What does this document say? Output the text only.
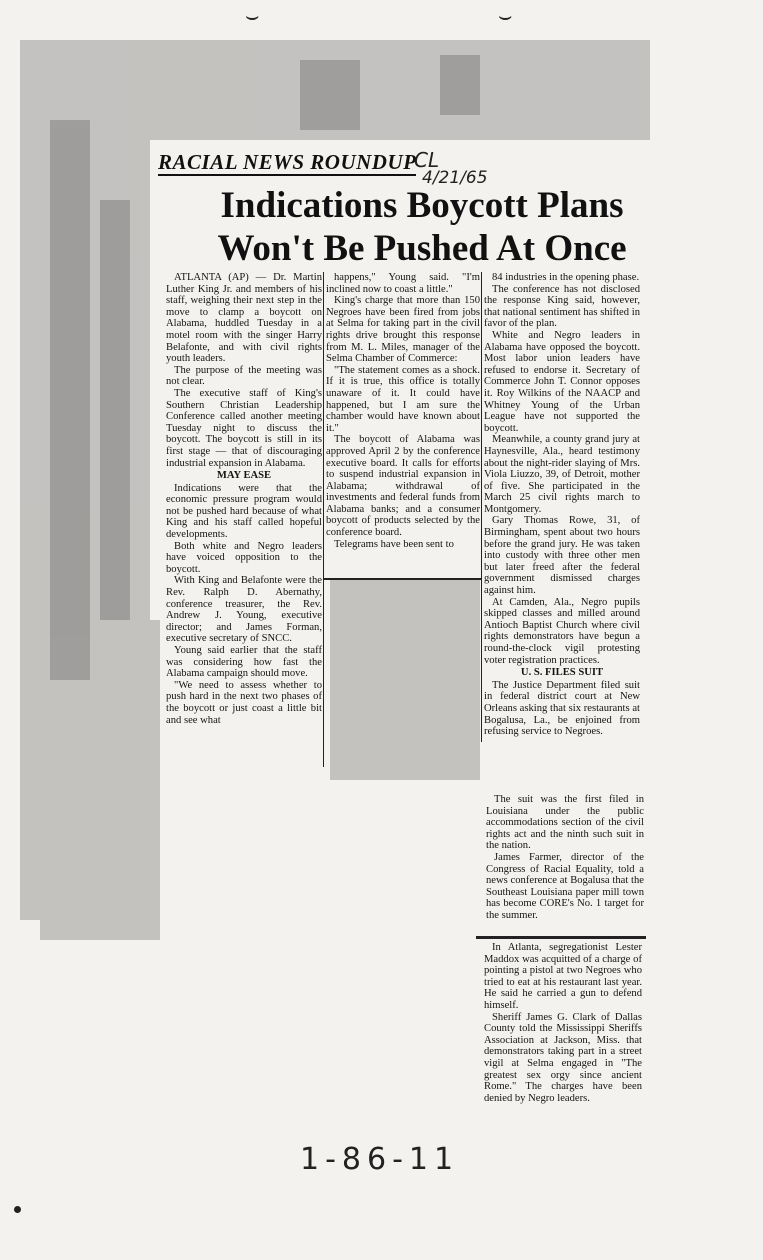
⌣	⌣
RACIAL NEWS ROUNDUP
CL
4/21/65
Indications Boycott Plans
Won't Be Pushed At Once

ATLANTA (AP) — Dr. Martin Luther King Jr. and members of his staff, weighing their next step in the move to clamp a boycott on Alabama, huddled Tuesday in a motel room with the singer Harry Belafonte, and with civil rights youth leaders.

The purpose of the meeting was not clear.

The executive staff of King's Southern Christian Leadership Conference called another meeting Tuesday night to discuss the boycott. The boycott is still in its first stage — that of discouraging industrial expansion in Alabama.

MAY EASE

Indications were that the economic pressure program would not be pushed hard because of what King and his staff called hopeful developments.

Both white and Negro leaders have voiced opposition to the boycott.

With King and Belafonte were the Rev. Ralph D. Abernathy, conference treasurer, the Rev. Andrew J. Young, executive director; and James Forman, executive secretary of SNCC.

Young said earlier that the staff was considering how fast the Alabama campaign should move.

"We need to assess whether to push hard in the next two phases of the boycott or just coast a little bit and see what

happens," Young said. "I'm inclined now to coast a little."

King's charge that more than 150 Negroes have been fired from jobs at Selma for taking part in the civil rights drive brought this response from M. L. Miles, manager of the Selma Chamber of Commerce:

"The statement comes as a shock. If it is true, this office is totally unaware of it. It could have happened, but I am sure the chamber would have known about it."

The boycott of Alabama was approved April 2 by the conference executive board. It calls for efforts to suspend industrial expansion in Alabama; withdrawal of investments and federal funds from Alabama banks; and a consumer boycott of products selected by the conference board.

Telegrams have been sent to

84 industries in the opening phase.

The conference has not disclosed the response King said, however, that national sentiment has shifted in favor of the plan.

White and Negro leaders in Alabama have opposed the boycott. Most labor union leaders have refused to endorse it. Secretary of Commerce John T. Connor opposes it. Roy Wilkins of the NAACP and Whitney Young of the Urban League have not supported the boycott.

Meanwhile, a county grand jury at Haynesville, Ala., heard testimony about the night-rider slaying of Mrs. Viola Liuzzo, 39, of Detroit, mother of five. She participated in the March 25 civil rights march to Montgomery.

Gary Thomas Rowe, 31, of Birmingham, spent about two hours before the grand jury. He was taken into custody with three other men but later freed after the federal government dismissed charges against him.

At Camden, Ala., Negro pupils skipped classes and milled around Antioch Baptist Church where civil rights demonstrators have begun a round-the-clock vigil protesting voter registration practices.

U. S. FILES SUIT

The Justice Department filed suit in federal district court at New Orleans asking that six restaurants at Bogalusa, La., be enjoined from refusing service to Negroes.

The suit was the first filed in Louisiana under the public accommodations section of the civil rights act and the ninth such suit in the nation.

James Farmer, director of the Congress of Racial Equality, told a news conference at Bogalusa that the Southeast Louisiana paper mill town has become CORE's No. 1 target for the summer.

In Atlanta, segregationist Lester Maddox was acquitted of a charge of pointing a pistol at two Negroes who tried to eat at his restaurant last year. He said he carried a gun to defend himself.

Sheriff James G. Clark of Dallas County told the Mississippi Sheriffs Association at Jackson, Miss. that demonstrators taking part in a street vigil at Selma engaged in "The greatest sex orgy since ancient Rome." The charges have been denied by Negro leaders.

1-86-11
